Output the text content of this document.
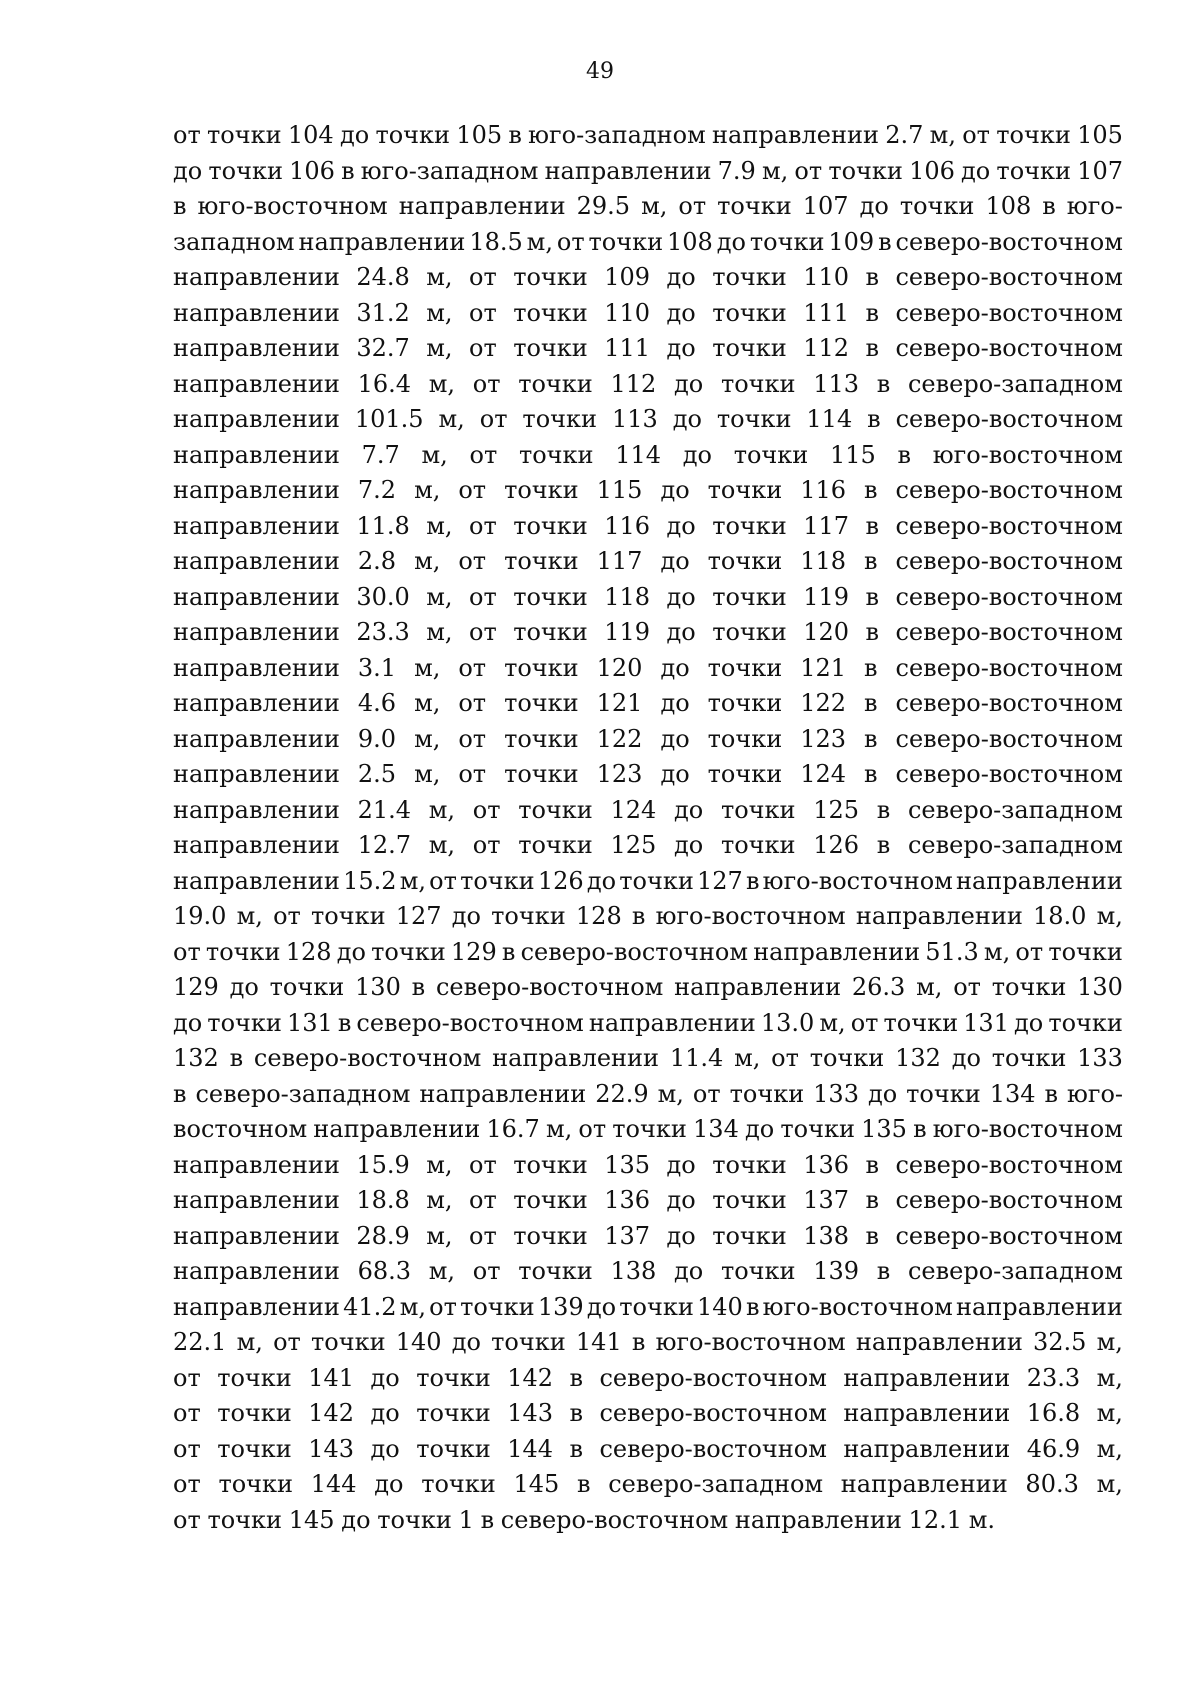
49
от точки 104 до точки 105 в юго-западном направлении 2.7 м, от точки 105
до точки 106 в юго-западном направлении 7.9 м, от точки 106 до точки 107
в юго-восточном направлении 29.5 м, от точки 107 до точки 108 в юго-
западном направлении 18.5 м, от точки 108 до точки 109 в северо-восточном
направлении 24.8 м, от точки 109 до точки 110 в северо-восточном
направлении 31.2 м, от точки 110 до точки 111 в северо-восточном
направлении 32.7 м, от точки 111 до точки 112 в северо-восточном
направлении 16.4 м, от точки 112 до точки 113 в северо-западном
направлении 101.5 м, от точки 113 до точки 114 в северо-восточном
направлении 7.7 м, от точки 114 до точки 115 в юго-восточном
направлении 7.2 м, от точки 115 до точки 116 в северо-восточном
направлении 11.8 м, от точки 116 до точки 117 в северо-восточном
направлении 2.8 м, от точки 117 до точки 118 в северо-восточном
направлении 30.0 м, от точки 118 до точки 119 в северо-восточном
направлении 23.3 м, от точки 119 до точки 120 в северо-восточном
направлении 3.1 м, от точки 120 до точки 121 в северо-восточном
направлении 4.6 м, от точки 121 до точки 122 в северо-восточном
направлении 9.0 м, от точки 122 до точки 123 в северо-восточном
направлении 2.5 м, от точки 123 до точки 124 в северо-восточном
направлении 21.4 м, от точки 124 до точки 125 в северо-западном
направлении 12.7 м, от точки 125 до точки 126 в северо-западном
направлении 15.2 м, от точки 126 до точки 127 в юго-восточном направлении
19.0 м, от точки 127 до точки 128 в юго-восточном направлении 18.0 м,
от точки 128 до точки 129 в северо-восточном направлении 51.3 м, от точки
129 до точки 130 в северо-восточном направлении 26.3 м, от точки 130
до точки 131 в северо-восточном направлении 13.0 м, от точки 131 до точки
132 в северо-восточном направлении 11.4 м, от точки 132 до точки 133
в северо-западном направлении 22.9 м, от точки 133 до точки 134 в юго-
восточном направлении 16.7 м, от точки 134 до точки 135 в юго-восточном
направлении 15.9 м, от точки 135 до точки 136 в северо-восточном
направлении 18.8 м, от точки 136 до точки 137 в северо-восточном
направлении 28.9 м, от точки 137 до точки 138 в северо-восточном
направлении 68.3 м, от точки 138 до точки 139 в северо-западном
направлении 41.2 м, от точки 139 до точки 140 в юго-восточном направлении
22.1 м, от точки 140 до точки 141 в юго-восточном направлении 32.5 м,
от точки 141 до точки 142 в северо-восточном направлении 23.3 м,
от точки 142 до точки 143 в северо-восточном направлении 16.8 м,
от точки 143 до точки 144 в северо-восточном направлении 46.9 м,
от точки 144 до точки 145 в северо-западном направлении 80.3 м,
от точки 145 до точки 1 в северо-восточном направлении 12.1 м.
